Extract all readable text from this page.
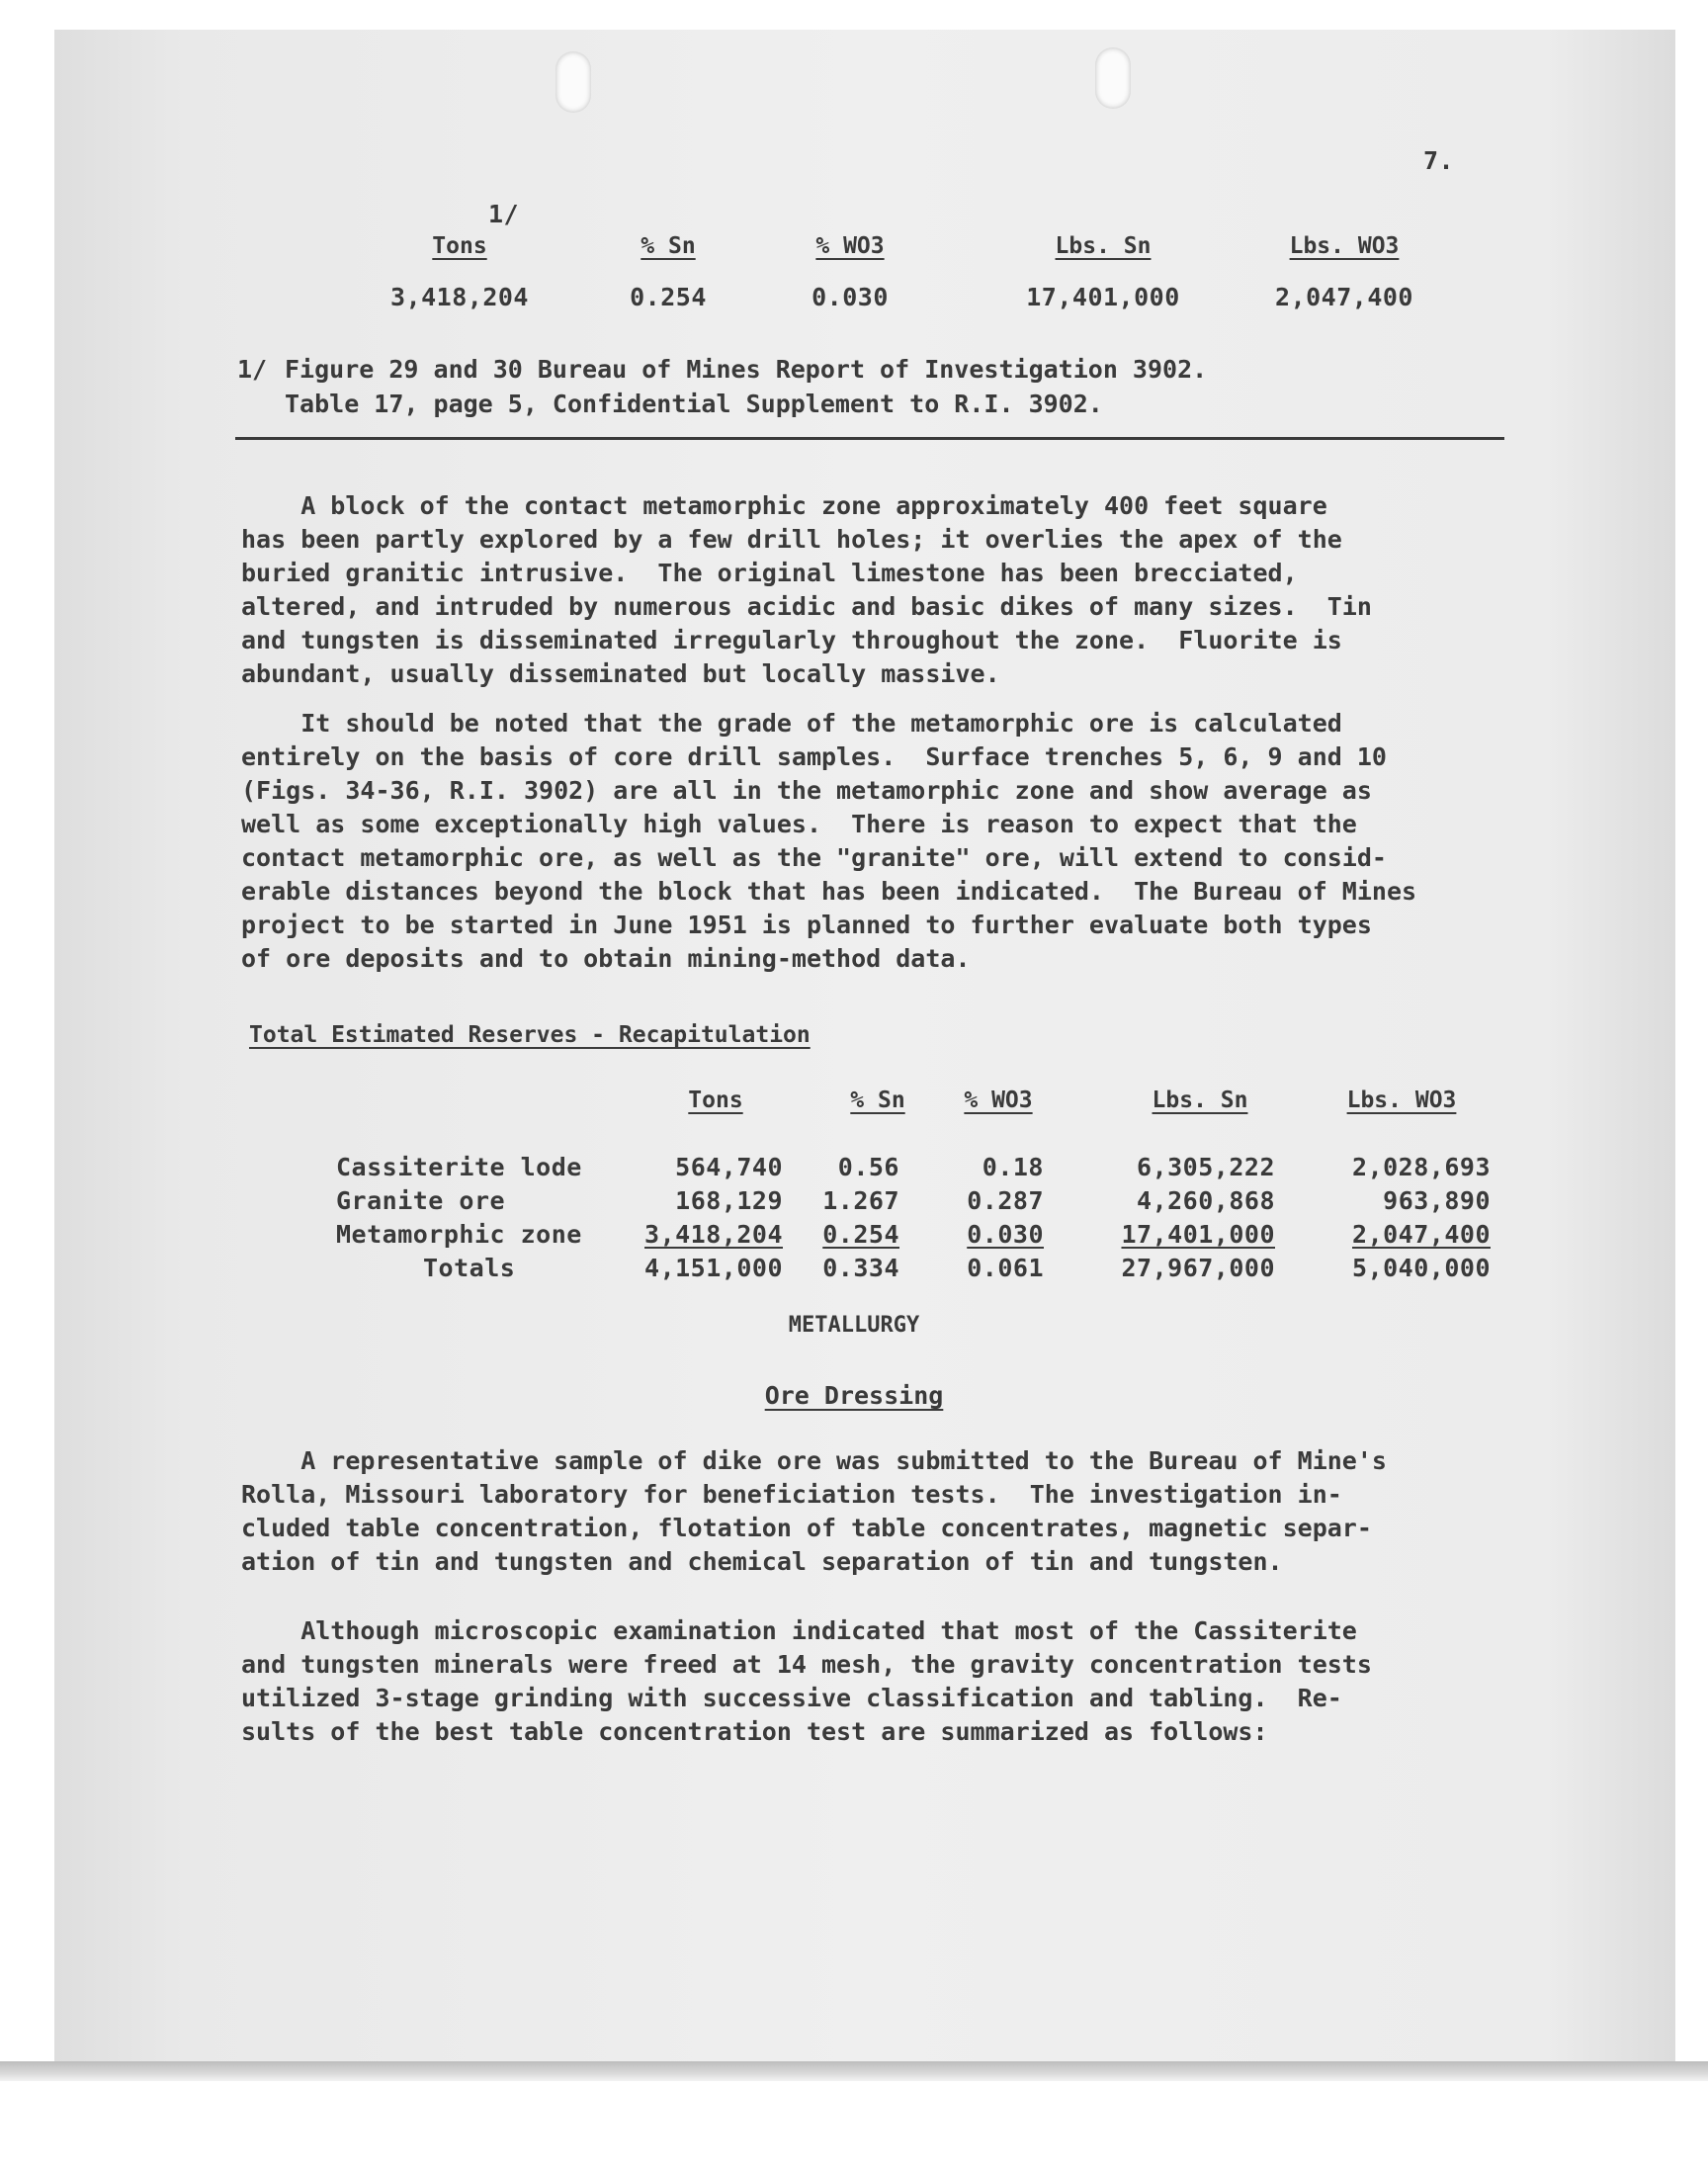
7.
1/
Tons	% Sn	% WO3	Lbs. Sn	Lbs. WO3
3,418,204	0.254	0.030	17,401,000	2,047,400
1/ Figure 29 and 30 Bureau of Mines Report of Investigation 3902.
Table 17, page 5, Confidential Supplement to R.I. 3902.
A block of the contact metamorphic zone approximately 400 feet square
has been partly explored by a few drill holes; it overlies the apex of the
buried granitic intrusive.  The original limestone has been brecciated,
altered, and intruded by numerous acidic and basic dikes of many sizes.  Tin
and tungsten is disseminated irregularly throughout the zone.  Fluorite is
abundant, usually disseminated but locally massive.
It should be noted that the grade of the metamorphic ore is calculated
entirely on the basis of core drill samples.  Surface trenches 5, 6, 9 and 10
(Figs. 34-36, R.I. 3902) are all in the metamorphic zone and show average as
well as some exceptionally high values.  There is reason to expect that the
contact metamorphic ore, as well as the "granite" ore, will extend to consid-
erable distances beyond the block that has been indicated.  The Bureau of Mines
project to be started in June 1951 is planned to further evaluate both types
of ore deposits and to obtain mining-method data.
Total Estimated Reserves - Recapitulation
Tons	% Sn	% WO3	Lbs. Sn	Lbs. WO3
Cassiterite lode	564,740	0.56	0.18	6,305,222	2,028,693
Granite ore	168,129	1.267	0.287	4,260,868	963,890
Metamorphic zone	3,418,204	0.254	0.030	17,401,000	2,047,400
Totals	4,151,000	0.334	0.061	27,967,000	5,040,000
METALLURGY
Ore Dressing
A representative sample of dike ore was submitted to the Bureau of Mine's
Rolla, Missouri laboratory for beneficiation tests.  The investigation in-
cluded table concentration, flotation of table concentrates, magnetic separ-
ation of tin and tungsten and chemical separation of tin and tungsten.
Although microscopic examination indicated that most of the Cassiterite
and tungsten minerals were freed at 14 mesh, the gravity concentration tests
utilized 3-stage grinding with successive classification and tabling.  Re-
sults of the best table concentration test are summarized as follows:
